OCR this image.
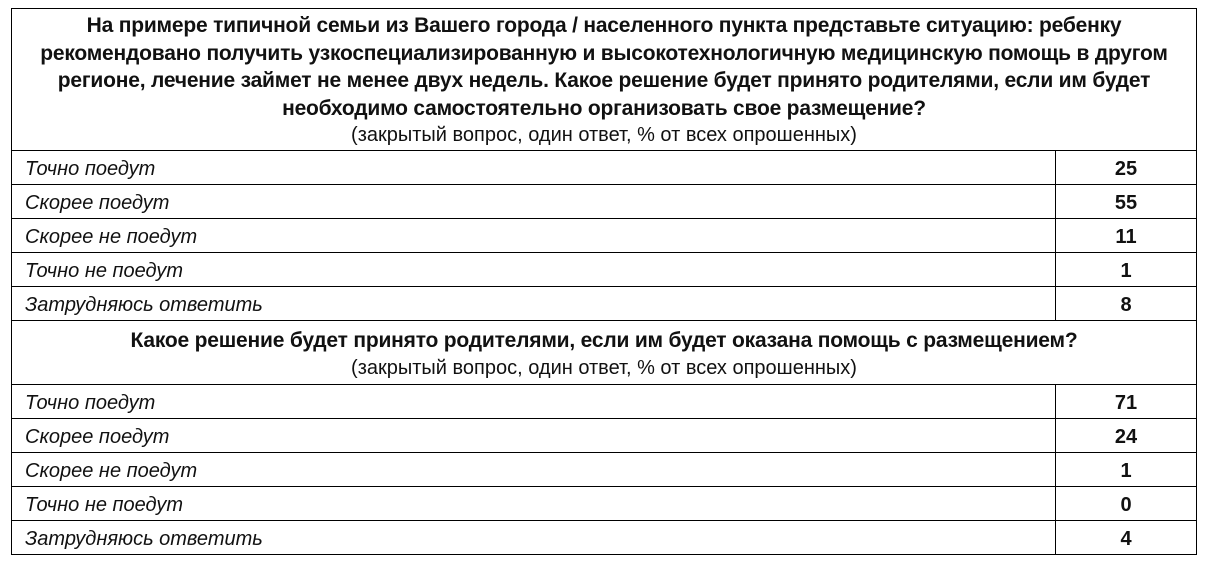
На примере типичной семьи из Вашего города / населенного пункта представьте ситуацию: ребенку рекомендовано получить узкоспециализированную и высокотехнологичную медицинскую помощь в другом регионе, лечение займет не менее двух недель. Какое решение будет принято родителями, если им будет необходимо самостоятельно организовать свое размещение?
(закрытый вопрос, один ответ, % от всех опрошенных)	

Точно поедут	25
Скорее поедут	55
Скорее не поедут	11
Точно не поедут	1
Затрудняюсь ответить	8

Какое решение будет принято родителями, если им будет оказана помощь с размещением?
(закрытый вопрос, один ответ, % от всех опрошенных)	

Точно поедут	71
Скорее поедут	24
Скорее не поедут	1
Точно не поедут	0
Затрудняюсь ответить	4
